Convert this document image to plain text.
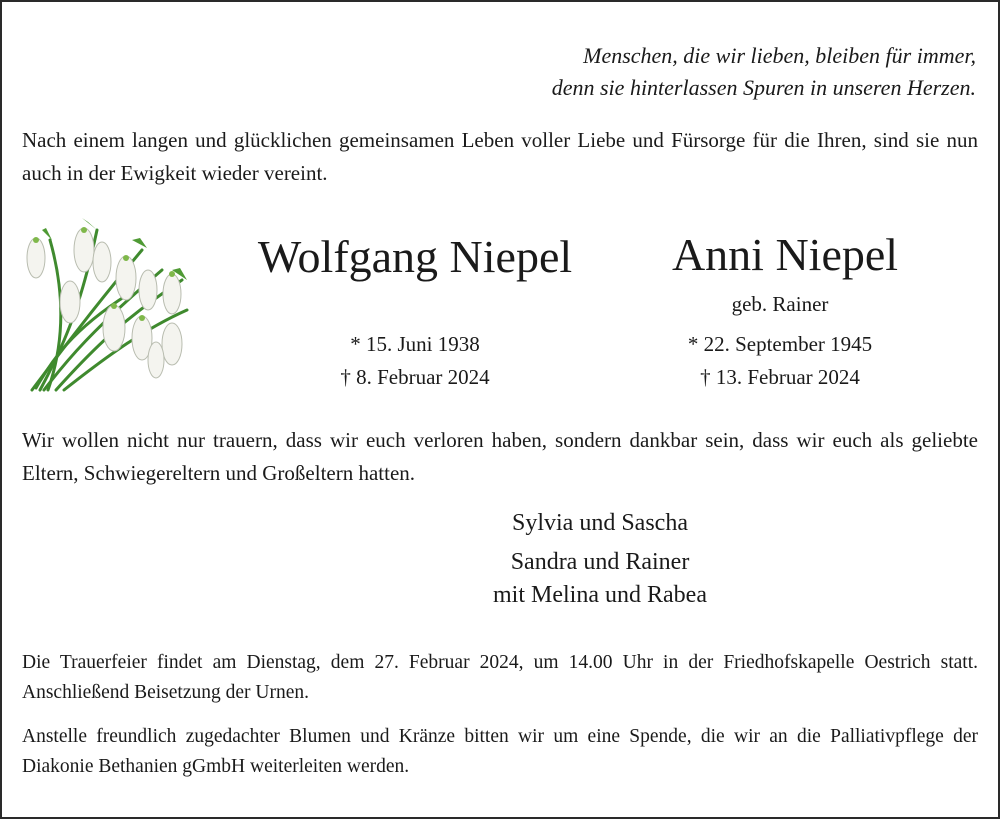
Menschen, die wir lieben, bleiben für immer,
denn sie hinterlassen Spuren in unseren Herzen.
Nach einem langen und glücklichen gemeinsamen Leben voller Liebe und Fürsorge für die Ihren, sind sie nun auch in der Ewigkeit wieder vereint.
Wolfgang Niepel
* 15. Juni 1938
† 8. Februar 2024
Anni Niepel
geb. Rainer
* 22. September 1945
† 13. Februar 2024
Wir wollen nicht nur trauern, dass wir euch verloren haben, sondern dankbar sein, dass wir euch als geliebte Eltern, Schwiegereltern und Großeltern hatten.
Sylvia und Sascha
Sandra und Rainer
mit Melina und Rabea
Die Trauerfeier findet am Dienstag, dem 27. Februar 2024, um 14.00 Uhr in der Friedhofskapelle Oestrich statt. Anschließend Beisetzung der Urnen.
Anstelle freundlich zugedachter Blumen und Kränze bitten wir um eine Spende, die wir an die Palliativpflege der Diakonie Bethanien gGmbH weiterleiten werden.
